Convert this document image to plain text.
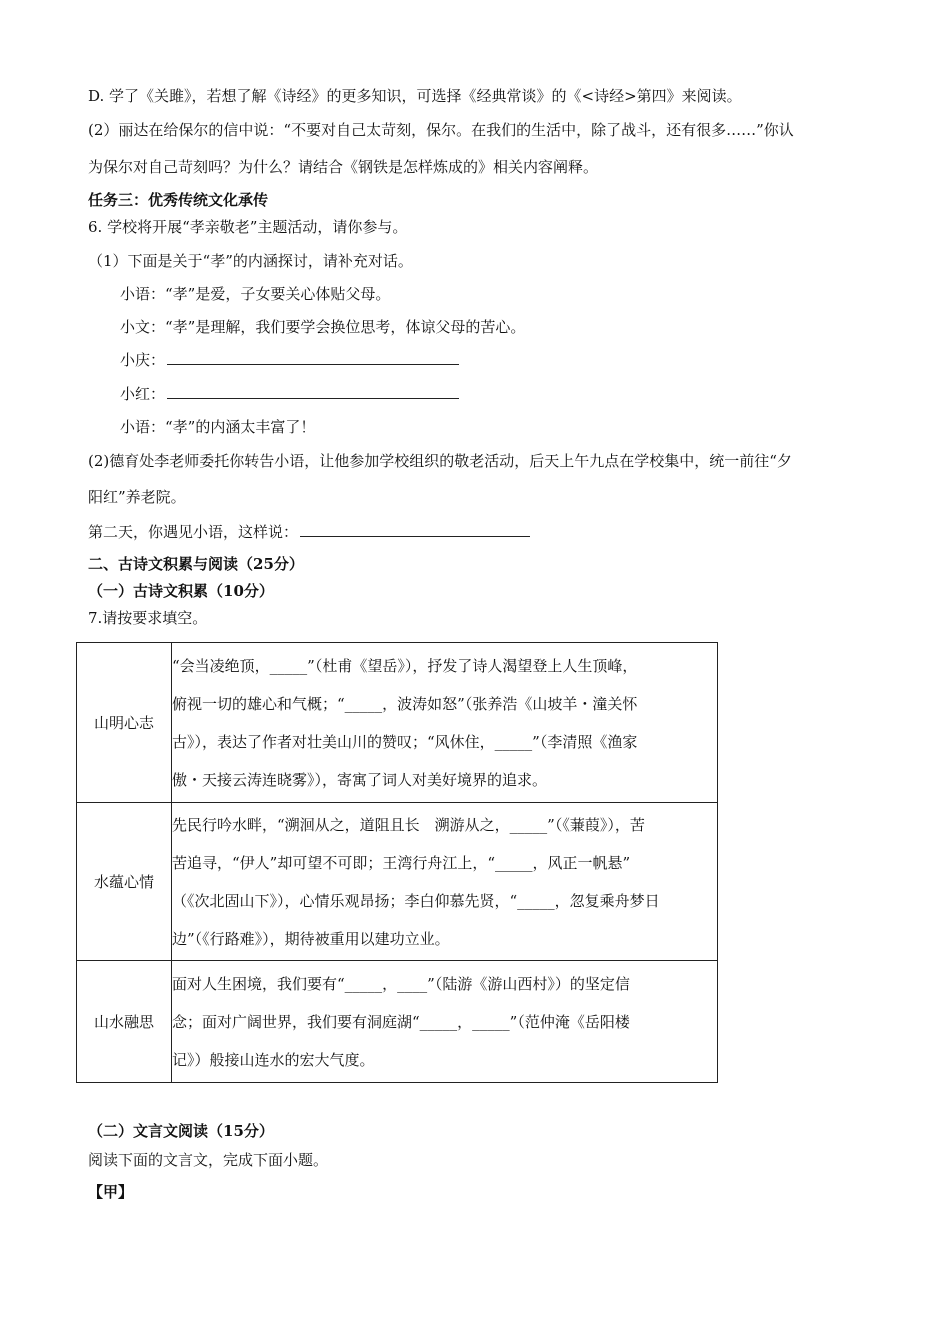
D. 学了《关雎》，若想了解《诗经》的更多知识，可选择《经典常谈》的《<诗经>第四》来阅读。
(2）丽达在给保尔的信中说：“不要对自己太苛刻，保尔。在我们的生活中，除了战斗，还有很多……”你认
为保尔对自己苛刻吗？为什么？请结合《钢铁是怎样炼成的》相关内容阐释。
任务三：优秀传统文化承传
6. 学校将开展“孝亲敬老”主题活动，请你参与。
（1）下面是关于“孝”的内涵探讨，请补充对话。
小语：“孝”是爱，子女要关心体贴父母。
小文：“孝”是理解，我们要学会换位思考，体谅父母的苦心。
小庆：
小红：
小语：“孝”的内涵太丰富了！
(2)德育处李老师委托你转告小语，让他参加学校组织的敬老活动，后天上午九点在学校集中，统一前往“夕
阳红”养老院。
第二天，你遇见小语，这样说：
二、古诗文积累与阅读（25分）
（一）古诗文积累（10分）
7.请按要求填空。
山明心志	“会当凌绝顶，_____”（杜甫《望岳》），抒发了诗人渴望登上人生顶峰，
俯视一切的雄心和气概；“_____，波涛如怒”（张养浩《山坡羊・潼关怀
古》），表达了作者对壮美山川的赞叹；“风休住，_____”（李清照《渔家
傲・天接云涛连晓雾》），寄寓了词人对美好境界的追求。

水蕴心情	先民行吟水畔，“溯洄从之，道阻且长　溯游从之，_____”（《蒹葭》），苦
苦追寻，“伊人”却可望不可即；王湾行舟江上，“_____，风正一帆悬”
（《次北固山下》），心情乐观昂扬；李白仰慕先贤，“_____，忽复乘舟梦日
边”（《行路难》），期待被重用以建功立业。

山水融思	面对人生困境，我们要有“_____，____”（陆游《游山西村》）的坚定信
念；面对广阔世界，我们要有洞庭湖“_____，_____”（范仲淹《岳阳楼
记》）般接山连水的宏大气度。
（二）文言文阅读（15分）
阅读下面的文言文，完成下面小题。
【甲】
